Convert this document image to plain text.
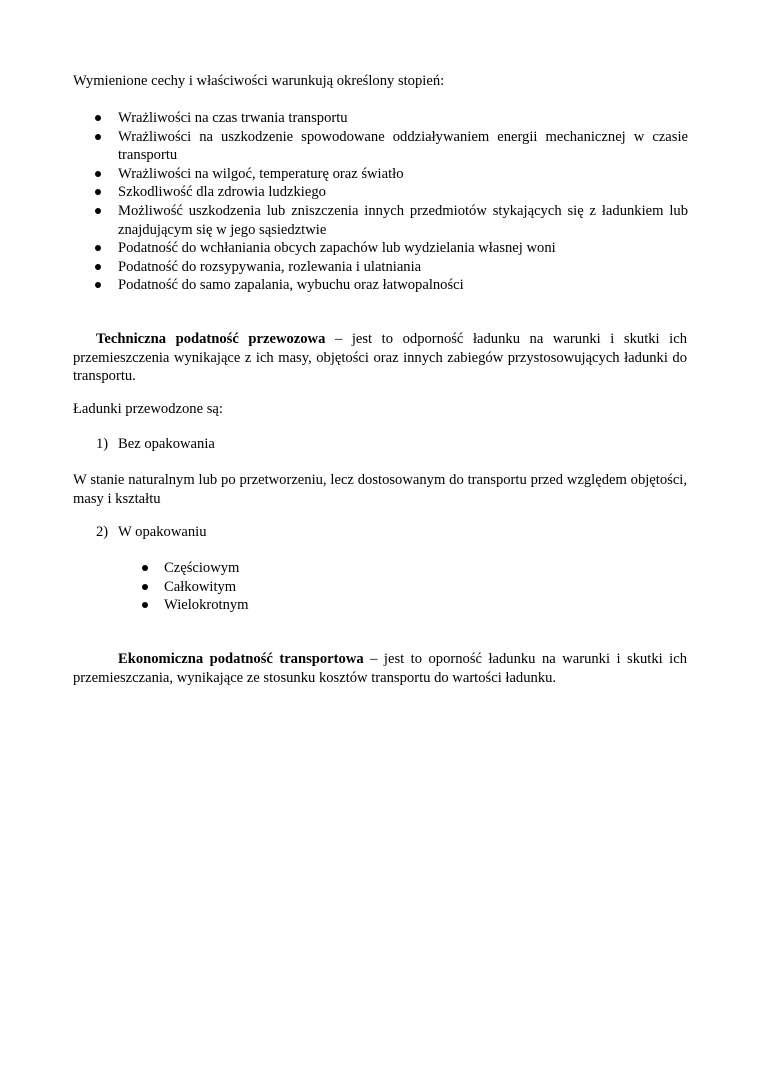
Wymienione cechy i właściwości warunkują określony stopień:

Wrażliwości na czas trwania transportu
Wrażliwości na uszkodzenie spowodowane oddziaływaniem energii mechanicznej w czasie transportu
Wrażliwości na wilgoć, temperaturę oraz światło
Szkodliwość dla zdrowia ludzkiego
Możliwość uszkodzenia lub zniszczenia innych przedmiotów stykających się z ładunkiem lub znajdującym się w jego sąsiedztwie
Podatność do wchłaniania obcych zapachów lub wydzielania własnej woni
Podatność do rozsypywania, rozlewania i ulatniania
Podatność do samo zapalania, wybuchu oraz łatwopalności

Techniczna podatność przewozowa – jest to odporność ładunku na warunki i skutki ich przemieszczenia wynikające z ich masy, objętości oraz innych zabiegów przystosowujących ładunki do transportu.

Ładunki przewodzone są:

1) Bez opakowania

W stanie naturalnym lub po przetworzeniu, lecz dostosowanym do transportu przed względem objętości, masy i kształtu

2) W opakowaniu

Częściowym
Całkowitym
Wielokrotnym

Ekonomiczna podatność transportowa – jest to oporność ładunku na warunki i skutki ich przemieszczania, wynikające ze stosunku kosztów transportu do wartości ładunku.
